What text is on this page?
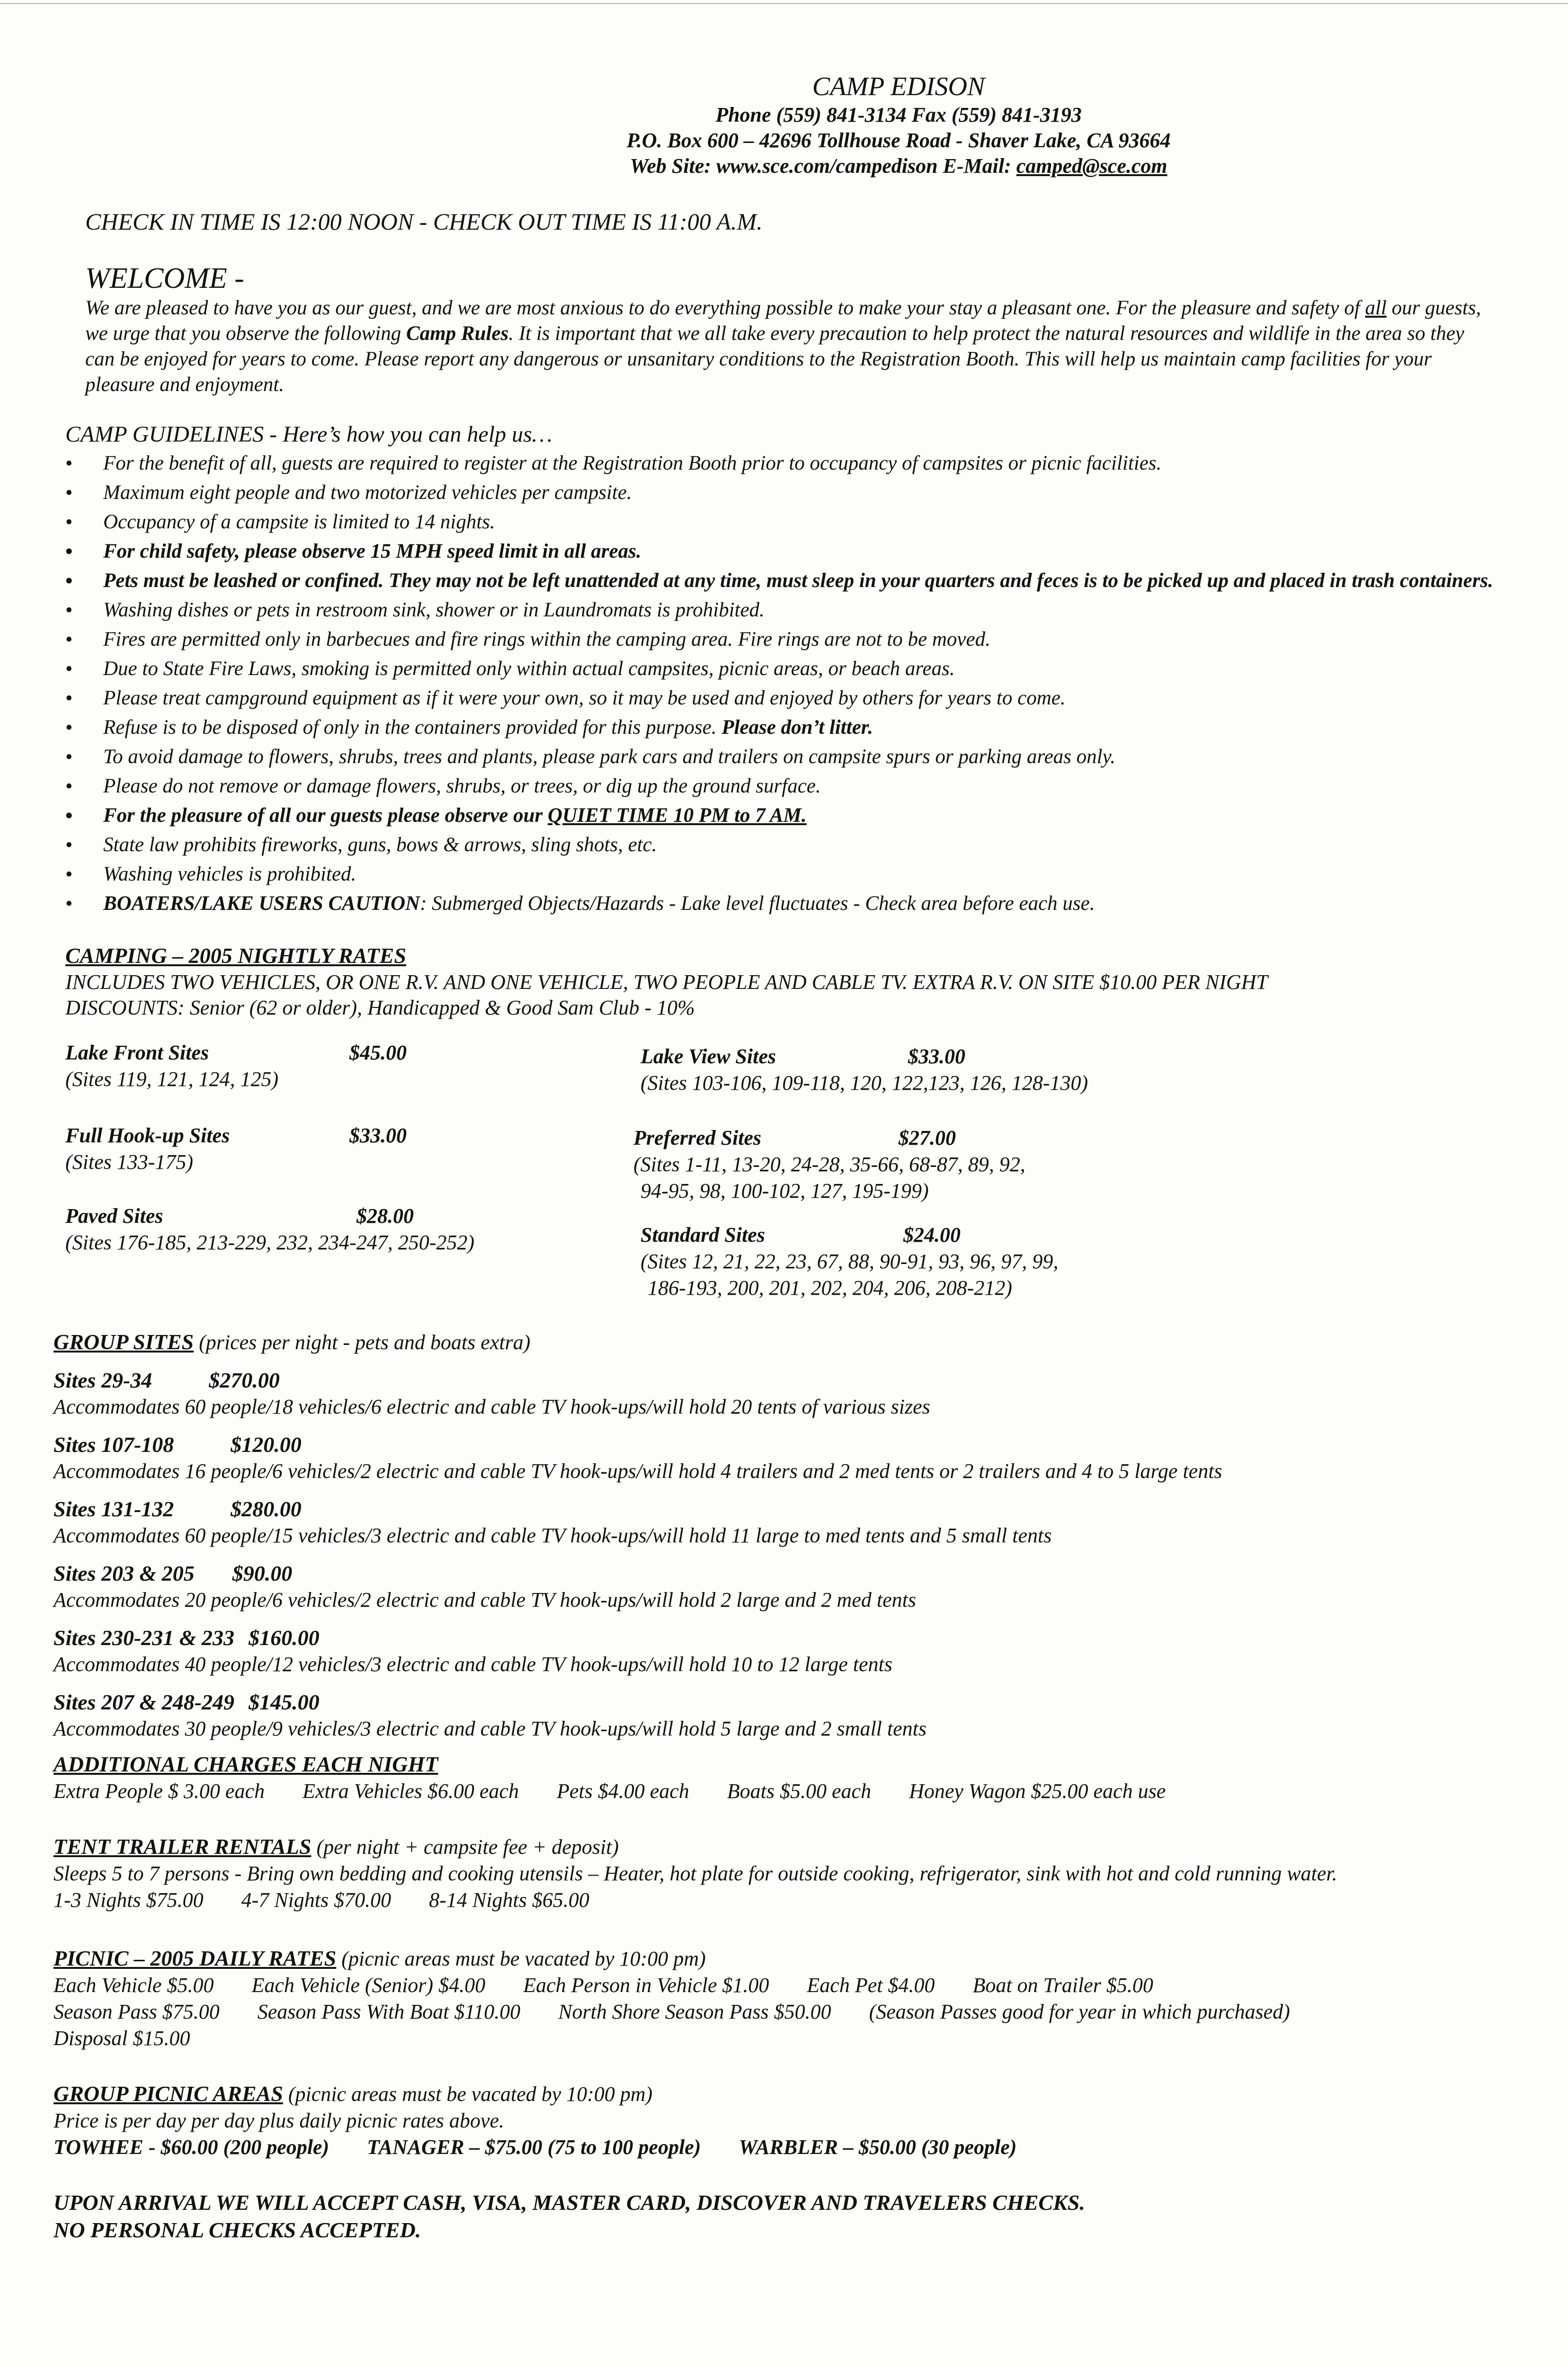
CAMP EDISON
Phone (559) 841-3134 Fax (559) 841-3193
P.O. Box 600 – 42696 Tollhouse Road - Shaver Lake, CA 93664
Web Site: www.sce.com/campedison E-Mail: camped@sce.com
CHECK IN TIME IS 12:00 NOON - CHECK OUT TIME IS 11:00 A.M.
WELCOME -
We are pleased to have you as our guest, and we are most anxious to do everything possible to make your stay a pleasant one. For the pleasure and safety of all our guests, we urge that you observe the following Camp Rules. It is important that we all take every precaution to help protect the natural resources and wildlife in the area so they can be enjoyed for years to come. Please report any dangerous or unsanitary conditions to the Registration Booth. This will help us maintain camp facilities for your pleasure and enjoyment.
CAMP GUIDELINES - Here’s how you can help us…
• For the benefit of all, guests are required to register at the Registration Booth prior to occupancy of campsites or picnic facilities.
• Maximum eight people and two motorized vehicles per campsite.
• Occupancy of a campsite is limited to 14 nights.
• For child safety, please observe 15 MPH speed limit in all areas.
• Pets must be leashed or confined. They may not be left unattended at any time, must sleep in your quarters and feces is to be picked up and placed in trash containers.
• Washing dishes or pets in restroom sink, shower or in Laundromats is prohibited.
• Fires are permitted only in barbecues and fire rings within the camping area. Fire rings are not to be moved.
• Due to State Fire Laws, smoking is permitted only within actual campsites, picnic areas, or beach areas.
• Please treat campground equipment as if it were your own, so it may be used and enjoyed by others for years to come.
• Refuse is to be disposed of only in the containers provided for this purpose. Please don’t litter.
• To avoid damage to flowers, shrubs, trees and plants, please park cars and trailers on campsite spurs or parking areas only.
• Please do not remove or damage flowers, shrubs, or trees, or dig up the ground surface.
• For the pleasure of all our guests please observe our QUIET TIME 10 PM to 7 AM.
• State law prohibits fireworks, guns, bows & arrows, sling shots, etc.
• Washing vehicles is prohibited.
• BOATERS/LAKE USERS CAUTION: Submerged Objects/Hazards - Lake level fluctuates - Check area before each use.
CAMPING – 2005 NIGHTLY RATES
INCLUDES TWO VEHICLES, OR ONE R.V. AND ONE VEHICLE, TWO PEOPLE AND CABLE TV. EXTRA R.V. ON SITE $10.00 PER NIGHT
DISCOUNTS: Senior (62 or older), Handicapped & Good Sam Club - 10%
Lake Front Sites	$45.00
(Sites 119, 121, 124, 125)
Lake View Sites	$33.00
(Sites 103-106, 109-118, 120, 122,123, 126, 128-130)
Full Hook-up Sites	$33.00
(Sites 133-175)
Preferred Sites	$27.00
(Sites 1-11, 13-20, 24-28, 35-66, 68-87, 89, 92,
94-95, 98, 100-102, 127, 195-199)
Paved Sites	$28.00
(Sites 176-185, 213-229, 232, 234-247, 250-252)	Standard Sites	$24.00
(Sites 12, 21, 22, 23, 67, 88, 90-91, 93, 96, 97, 99,
186-193, 200, 201, 202, 204, 206, 208-212)
GROUP SITES (prices per night - pets and boats extra)
Sites 29-34	$270.00
Accommodates 60 people/18 vehicles/6 electric and cable TV hook-ups/will hold 20 tents of various sizes
Sites 107-108	$120.00
Accommodates 16 people/6 vehicles/2 electric and cable TV hook-ups/will hold 4 trailers and 2 med tents or 2 trailers and 4 to 5 large tents
Sites 131-132	$280.00
Accommodates 60 people/15 vehicles/3 electric and cable TV hook-ups/will hold 11 large to med tents and 5 small tents
Sites 203 & 205 $90.00
Accommodates 20 people/6 vehicles/2 electric and cable TV hook-ups/will hold 2 large and 2 med tents
Sites 230-231 & 233 $160.00
Accommodates 40 people/12 vehicles/3 electric and cable TV hook-ups/will hold 10 to 12 large tents
Sites 207 & 248-249 $145.00
Accommodates 30 people/9 vehicles/3 electric and cable TV hook-ups/will hold 5 large and 2 small tents
ADDITIONAL CHARGES EACH NIGHT
Extra People $ 3.00 each Extra Vehicles $6.00 each Pets $4.00 each Boats $5.00 each Honey Wagon $25.00 each use
TENT TRAILER RENTALS (per night + campsite fee + deposit)
Sleeps 5 to 7 persons - Bring own bedding and cooking utensils – Heater, hot plate for outside cooking, refrigerator, sink with hot and cold running water.
1-3 Nights $75.00 4-7 Nights $70.00 8-14 Nights $65.00
PICNIC – 2005 DAILY RATES (picnic areas must be vacated by 10:00 pm)
Each Vehicle $5.00 Each Vehicle (Senior) $4.00 Each Person in Vehicle $1.00 Each Pet $4.00 Boat on Trailer $5.00
Season Pass $75.00 Season Pass With Boat $110.00 North Shore Season Pass $50.00 (Season Passes good for year in which purchased)
Disposal $15.00
GROUP PICNIC AREAS (picnic areas must be vacated by 10:00 pm)
Price is per day per day plus daily picnic rates above.
TOWHEE - $60.00 (200 people) TANAGER – $75.00 (75 to 100 people) WARBLER – $50.00 (30 people)
UPON ARRIVAL WE WILL ACCEPT CASH, VISA, MASTER CARD, DISCOVER AND TRAVELERS CHECKS.
NO PERSONAL CHECKS ACCEPTED.
